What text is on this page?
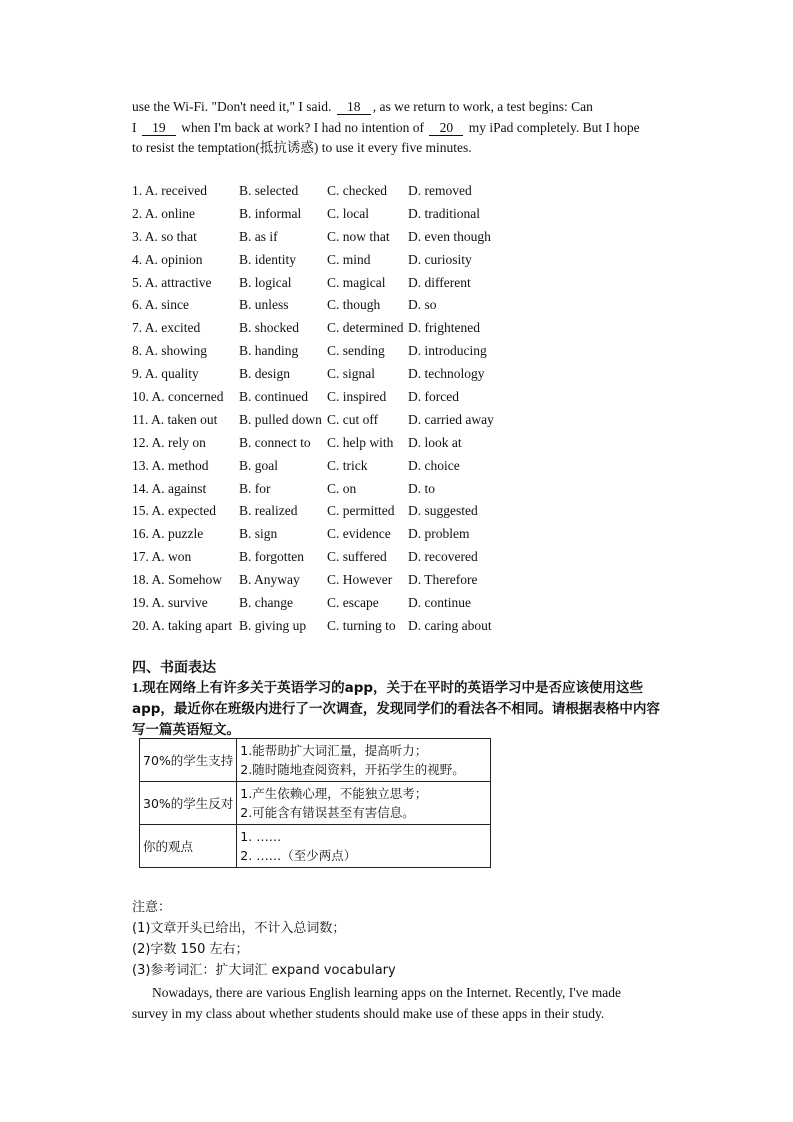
use the Wi-Fi. "Don't need it," I said. 18 , as we return to work, a test begins: Can
I 19 when I'm back at work? I had no intention of 20 my iPad completely. But I hope
to resist the temptation(抵抗诱惑) to use it every five minutes.
1. A. received B. selected C. checked D. removed
2. A. online	B. informal C. local	D. traditional
3. A. so that	B. as if	C. now that D. even though
4. A. opinion	B. identity C. mind	D. curiosity
5. A. attractive B. logical	C. magical D. different
6. A. since	B. unless	C. though D. so
7. A. excited	B. shocked C. determined D. frightened
8. A. showing B. handing C. sending D. introducing
9. A. quality	B. design	C. signal D. technology
10. A. concerned B. continued C. inspired D. forced
11. A. taken out B. pulled down C. cut off D. carried away
12. A. rely on B. connect to C. help with D. look at
13. A. method B. goal	C. trick	D. choice
14. A. against B. for	C. on	D. to
15. A. expected B. realized C. permitted D. suggested
16. A. puzzle	B. sign	C. evidence D. problem
17. A. won	B. forgotten C. suffered D. recovered
18. A. Somehow B. Anyway C. However D. Therefore
19. A. survive B. change	C. escape D. continue
20. A. taking apart B. giving up C. turning to D. caring about
四、书面表达

1.现在网络上有许多关于英语学习的app，关于在平时的英语学习中是否应该使用这些app，最近你在班级内进行了一次调查，发现同学们的看法各不相同。请根据表格中内容写一篇英语短文。

70%的学生支持	1.能帮助扩大词汇量，提高听力；
2.随时随地查阅资料，开拓学生的视野。

30%的学生反对	1.产生依赖心理，不能独立思考；
2.可能含有错误甚至有害信息。

你的观点	1. ……
2. ……（至少两点）
注意：
(1)文章开头已给出，不计入总词数；
(2)字数 150 左右；
(3)参考词汇：扩大词汇 expand vocabulary

Nowadays, there are various English learning apps on the Internet. Recently, I've made survey in my class about whether students should make use of these apps in their study.
